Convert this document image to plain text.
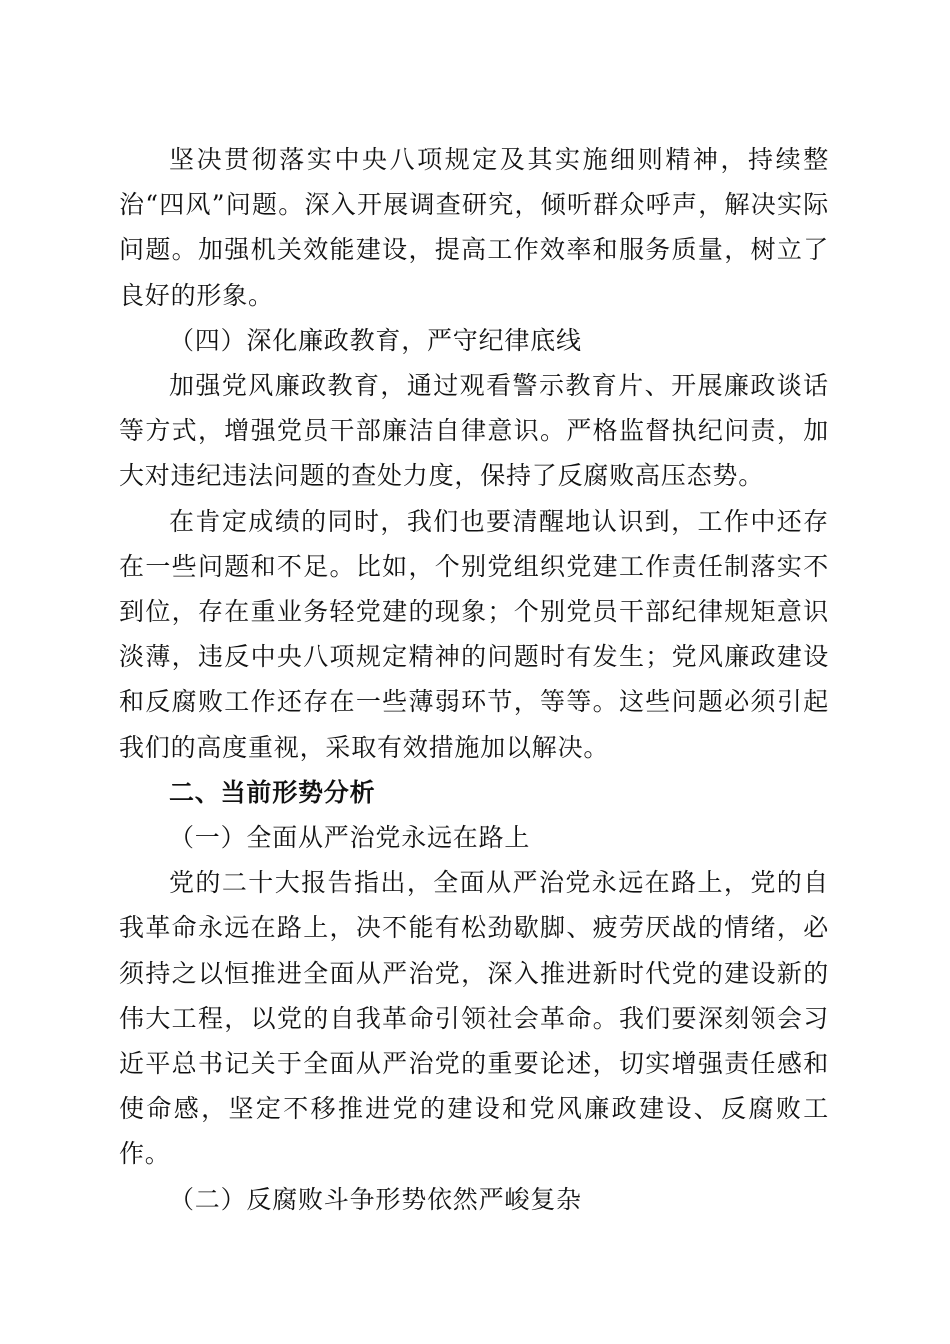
坚决贯彻落实中央八项规定及其实施细则精神，持续整治“四风”问题。深入开展调查研究，倾听群众呼声，解决实际问题。加强机关效能建设，提高工作效率和服务质量，树立了良好的形象。

（四）深化廉政教育，严守纪律底线

加强党风廉政教育，通过观看警示教育片、开展廉政谈话等方式，增强党员干部廉洁自律意识。严格监督执纪问责，加大对违纪违法问题的查处力度，保持了反腐败高压态势。

在肯定成绩的同时，我们也要清醒地认识到，工作中还存在一些问题和不足。比如，个别党组织党建工作责任制落实不到位，存在重业务轻党建的现象；个别党员干部纪律规矩意识淡薄，违反中央八项规定精神的问题时有发生；党风廉政建设和反腐败工作还存在一些薄弱环节，等等。这些问题必须引起我们的高度重视，采取有效措施加以解决。

二、当前形势分析

（一）全面从严治党永远在路上

党的二十大报告指出，全面从严治党永远在路上，党的自我革命永远在路上，决不能有松劲歇脚、疲劳厌战的情绪，必须持之以恒推进全面从严治党，深入推进新时代党的建设新的伟大工程，以党的自我革命引领社会革命。我们要深刻领会习近平总书记关于全面从严治党的重要论述，切实增强责任感和使命感，坚定不移推进党的建设和党风廉政建设、反腐败工作。

（二）反腐败斗争形势依然严峻复杂
